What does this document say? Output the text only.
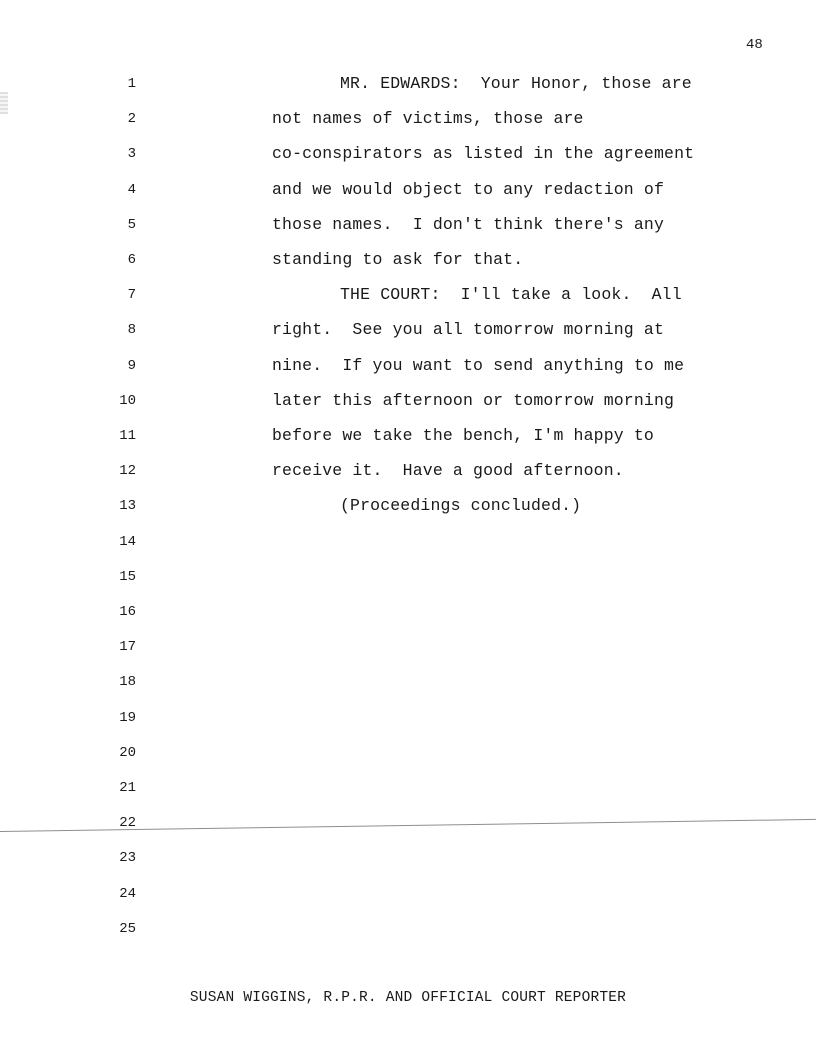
48
1	MR. EDWARDS:  Your Honor, those are
2	not names of victims, those are
3	co-conspirators as listed in the agreement
4	and we would object to any redaction of
5	those names.  I don't think there's any
6	standing to ask for that.
7	THE COURT:  I'll take a look.  All
8	right.  See you all tomorrow morning at
9	nine.  If you want to send anything to me
10	later this afternoon or tomorrow morning
11	before we take the bench, I'm happy to
12	receive it.  Have a good afternoon.
13	(Proceedings concluded.)
14
15
16
17
18
19
20
21
22
23
24
25
SUSAN WIGGINS, R.P.R. AND OFFICIAL COURT REPORTER
